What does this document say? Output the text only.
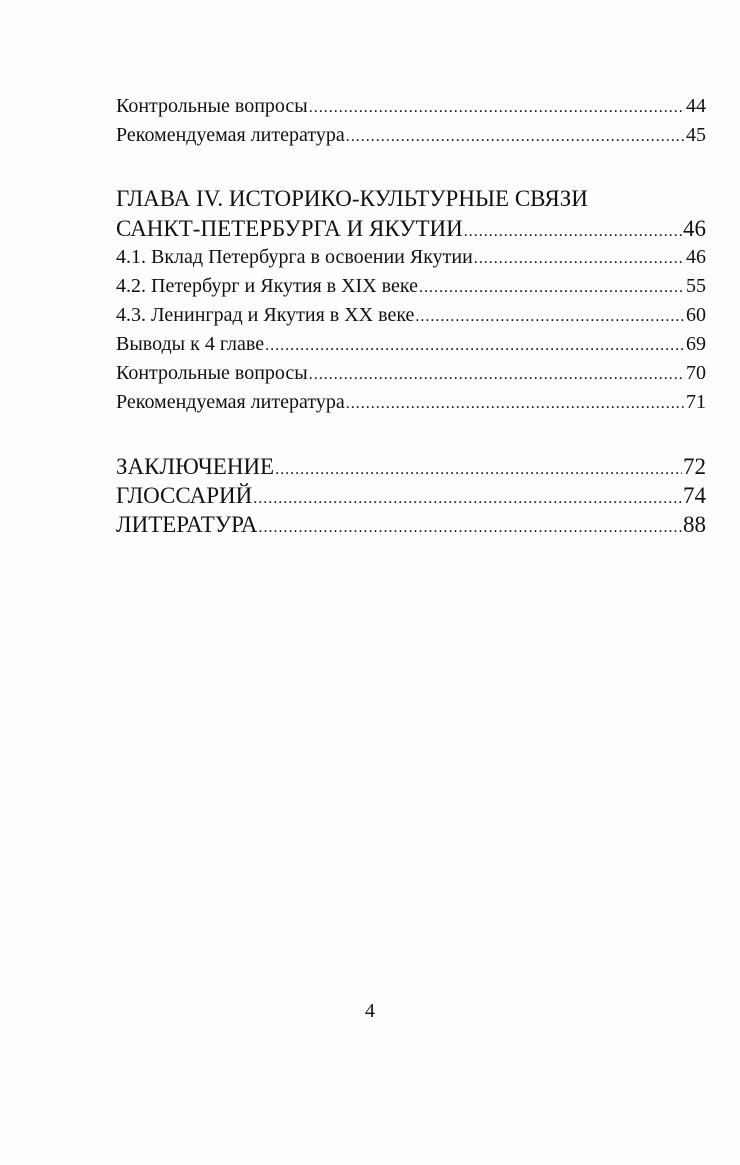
Контрольные вопросы .....	44
Рекомендуемая литература .....	45
ГЛАВА IV. ИСТОРИКО-КУЛЬТУРНЫЕ СВЯЗИ
САНКТ-ПЕТЕРБУРГА И ЯКУТИИ .....	46
4.1. Вклад Петербурга в освоении Якутии .....	46
4.2. Петербург и Якутия в XIX веке .....	55
4.3. Ленинград и Якутия в XX веке .....	60
Выводы к 4 главе .....	69
Контрольные вопросы .....	70
Рекомендуемая литература .....	71
ЗАКЛЮЧЕНИЕ .....	72
ГЛОССАРИЙ .....	74
ЛИТЕРАТУРА .....	88
4
